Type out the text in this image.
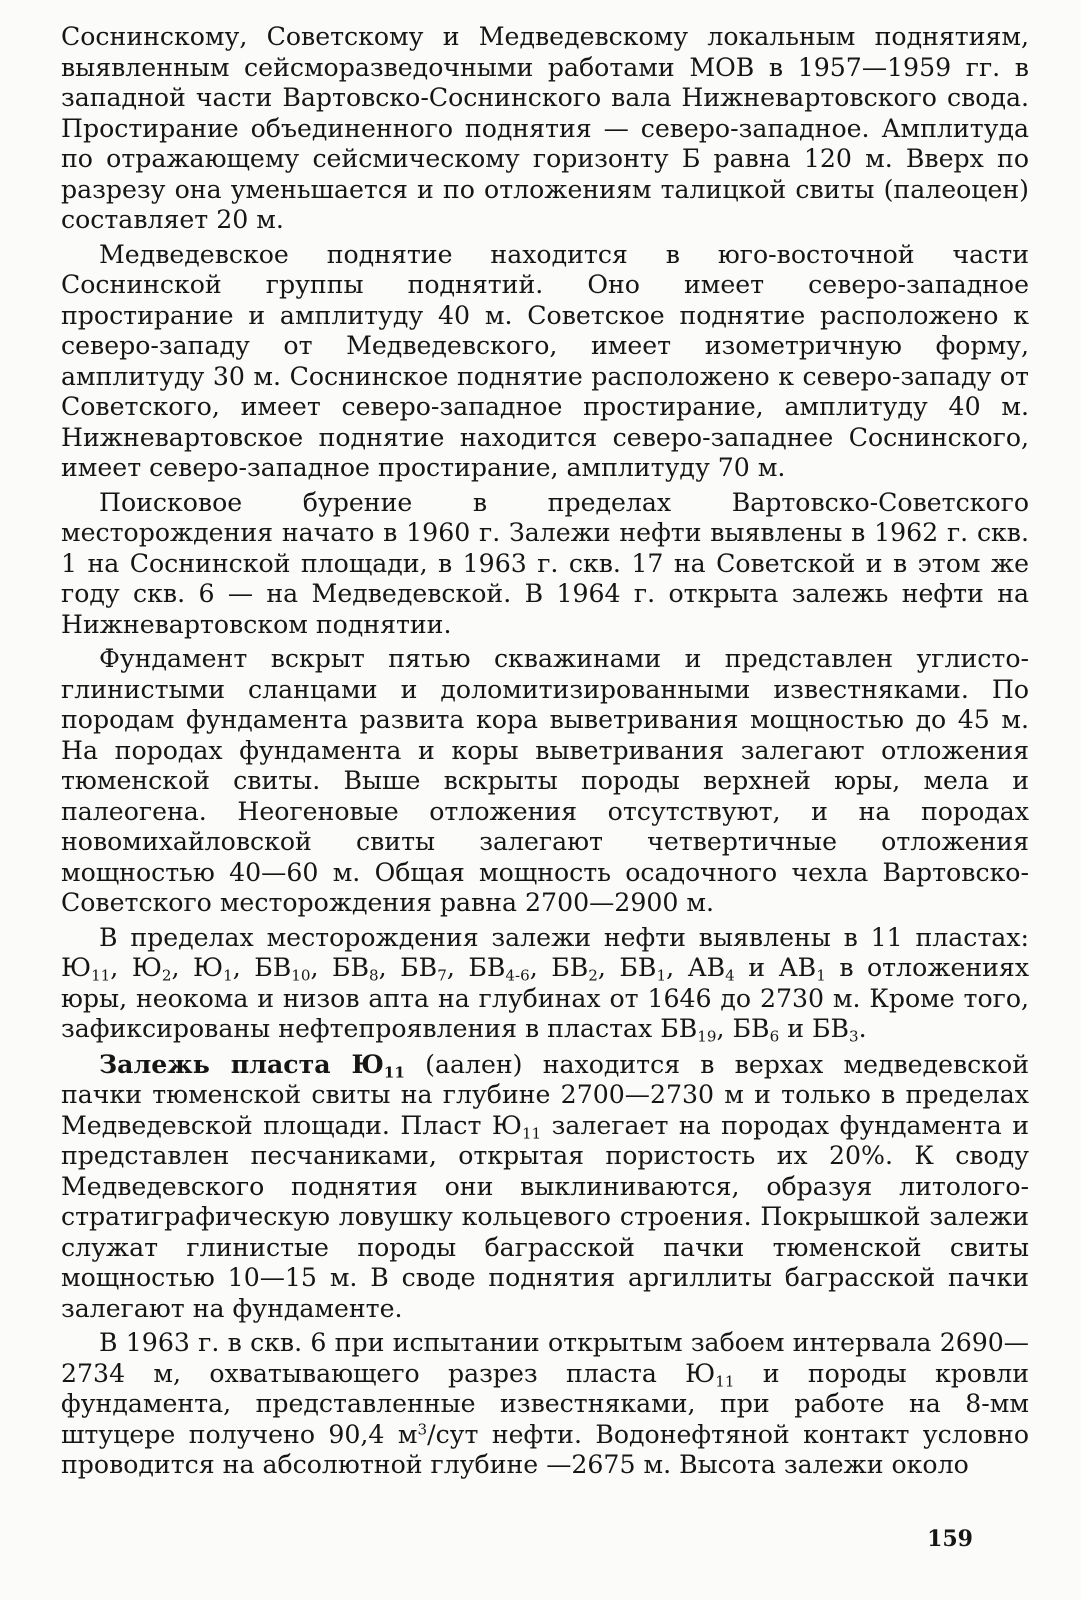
Соснинскому, Советскому и Медведевскому локальным поднятиям, выявленным сейсморазведочными работами МОВ в 1957—1959 гг. в западной части Вартовско-Соснинского вала Нижневартовского свода. Простирание объединенного поднятия — северо-западное. Амплитуда по отражающему сейсмическому горизонту Б равна 120 м. Вверх по разрезу она уменьшается и по отложениям талицкой свиты (палеоцен) составляет 20 м.

Медведевское поднятие находится в юго-восточной части Соснинской группы поднятий. Оно имеет северо-западное простирание и амплитуду 40 м. Советское поднятие расположено к северо-западу от Медведевского, имеет изометричную форму, амплитуду 30 м. Соснинское поднятие расположено к северо-западу от Советского, имеет северо-западное простирание, амплитуду 40 м. Нижневартовское поднятие находится северо-западнее Соснинского, имеет северо-западное простирание, амплитуду 70 м.

Поисковое бурение в пределах Вартовско-Советского месторождения начато в 1960 г. Залежи нефти выявлены в 1962 г. скв. 1 на Соснинской площади, в 1963 г. скв. 17 на Советской и в этом же году скв. 6 — на Медведевской. В 1964 г. открыта залежь нефти на Нижневартовском поднятии.

Фундамент вскрыт пятью скважинами и представлен углисто-глинистыми сланцами и доломитизированными известняками. По породам фундамента развита кора выветривания мощностью до 45 м. На породах фундамента и коры выветривания залегают отложения тюменской свиты. Выше вскрыты породы верхней юры, мела и палеогена. Неогеновые отложения отсутствуют, и на породах новомихайловской свиты залегают четвертичные отложения мощностью 40—60 м. Общая мощность осадочного чехла Вартовско-Советского месторождения равна 2700—2900 м.

В пределах месторождения залежи нефти выявлены в 11 пластах: $Ю_{11}$, $Ю_2$, $Ю_1$, $БВ_{10}$, $БВ_8$, $БВ_7$, $БВ_{4-6}$, $БВ_2$, $БВ_1$, $АВ_4$ и $АВ_1$ в отложениях юры, неокома и низов апта на глубинах от 1646 до 2730 м. Кроме того, зафиксированы нефтепроявления в пластах $БВ_{19}$, $БВ_6$ и $БВ_3$.

Залежь пласта $Ю_{11}$ (аален) находится в верхах медведевской пачки тюменской свиты на глубине 2700—2730 м и только в пределах Медведевской площади. Пласт $Ю_{11}$ залегает на породах фундамента и представлен песчаниками, открытая пористость их 20%. К своду Медведевского поднятия они выклиниваются, образуя литолого-стратиграфическую ловушку кольцевого строения. Покрышкой залежи служат глинистые породы баграсской пачки тюменской свиты мощностью 10—15 м. В своде поднятия аргиллиты баграсской пачки залегают на фундаменте.

В 1963 г. в скв. 6 при испытании открытым забоем интервала 2690—2734 м, охватывающего разрез пласта $Ю_{11}$ и породы кровли фундамента, представленные известняками, при работе на 8-мм штуцере получено 90,4 $м^3$/сут нефти. Водонефтяной контакт условно проводится на абсолютной глубине —2675 м. Высота залежи около

159
